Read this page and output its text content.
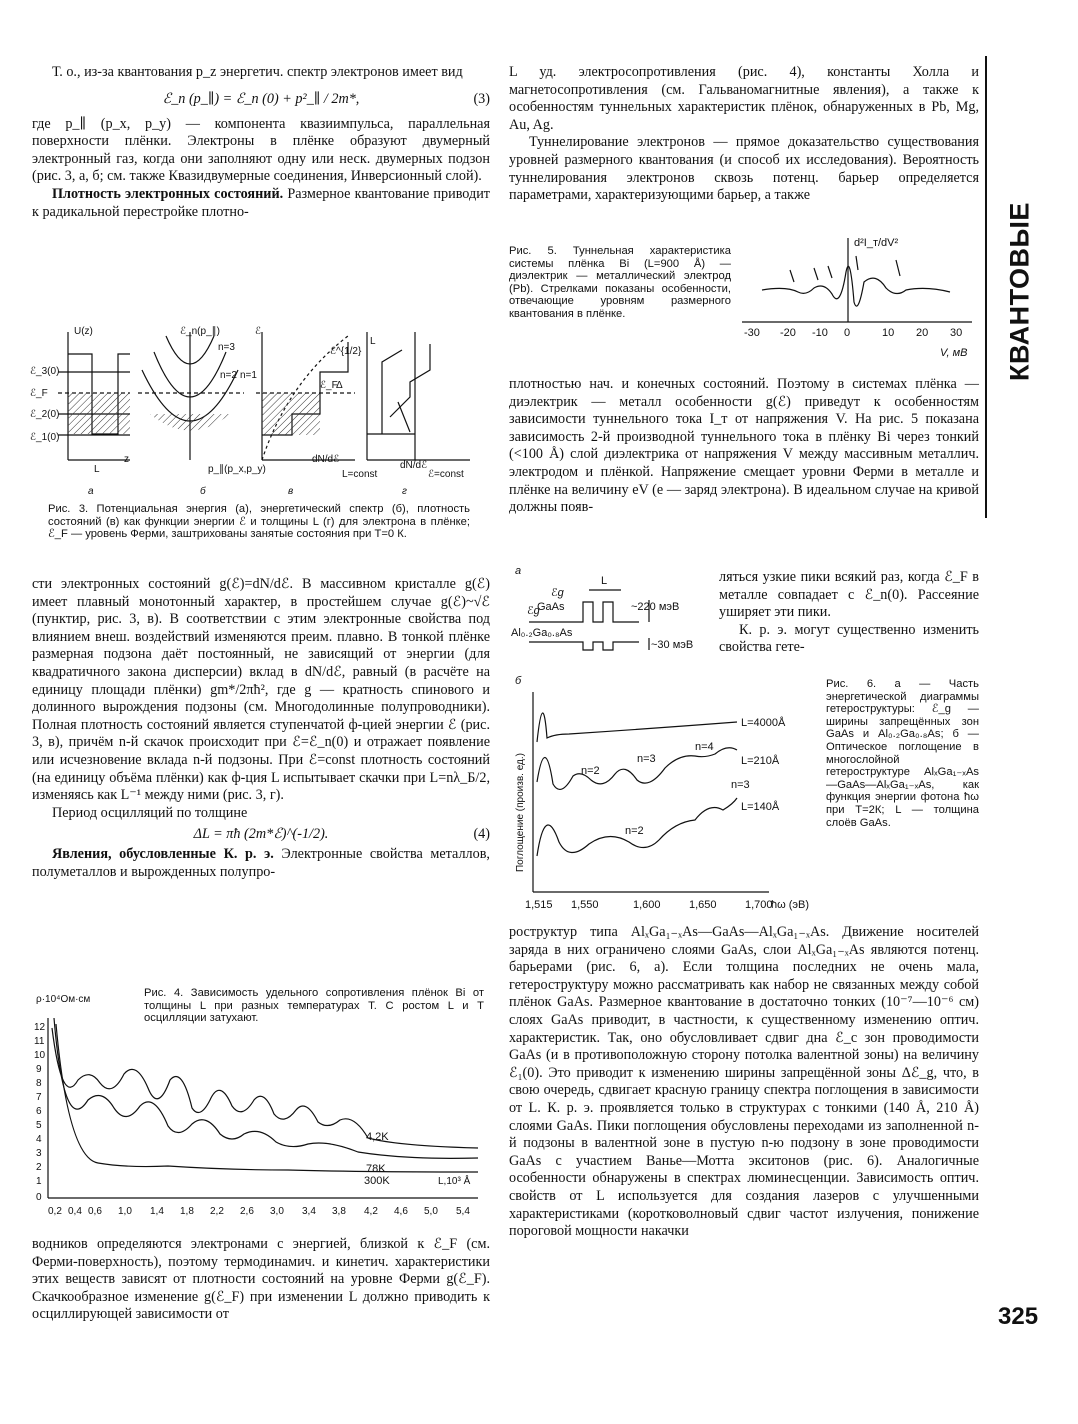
КВАНТОВЫЕ
325

Т. о., из-за квантования p_z энергетич. спектр электронов имеет вид

ℰ_n (p_∥) = ℰ_n (0) + p²_∥ / 2m*,	(3)

где p_∥ (p_x, p_y) — компонента квазиимпульса, параллельная поверхности плёнки. Электроны в плёнке образуют двумерный электронный газ, когда они заполняют одну или неск. двумерных подзон (рис. 3, а, б; см. также Квазидвумерные соединения, Инверсионный слой).

Плотность электронных состояний. Размерное квантование приводит к радикальной перестройке плотно-

U(z)	ℰ_n(p_∥)	ℰ
L
n=3
n=2 n=1
ℰ^{1/2}
ℰ_3(0)
ℰ_F
ℰ_2(0)
ℰ_1(0)
ℰ_F
Δ
L
z
p_∥(p_x,p_y)
dN/dℰ
L=const
dN/dℰ
ℰ=const
а	б	в	г
Рис. 3. Потенциальная энергия (а), энергетический спектр (б), плотность состояний (в) как функции энергии ℰ и толщины L (г) для электрона в плёнке; ℰ_F — уровень Ферми, заштрихованы занятые состояния при T=0 К.

сти электронных состояний g(ℰ)=dN/dℰ. В массивном кристалле g(ℰ) имеет плавный монотонный характер, в простейшем случае g(ℰ)~√ℰ (пунктир, рис. 3, в). В соответствии с этим электронные свойства под влиянием внеш. воздействий изменяются преим. плавно. В тонкой плёнке размерная подзона даёт постоянный, не зависящий от энергии (для квадратичного закона дисперсии) вклад в dN/dℰ, равный (в расчёте на единицу площади плёнки) gm*/2πħ², где g — кратность спинового и долинного вырождения подзоны (см. Многодолинные полупроводники). Полная плотность состояний является ступенчатой ф-цией энергии ℰ (рис. 3, в), причём n-й скачок происходит при ℰ=ℰ_n(0) и отражает появление или исчезновение вклада n-й подзоны. При ℰ=const плотность состояний (на единицу объёма плёнки) как ф-ция L испытывает скачки при L=nλ_Б/2, изменяясь как L⁻¹ между ними (рис. 3, г).

Период осцилляций по толщине

ΔL = πħ (2m*ℰ)^(-1/2).	(4)

Явления, обусловленные К. р. э. Электронные свойства металлов, полуметаллов и вырожденных полупро-

Рис. 4. Зависимость удельного сопротивления плёнок Bi от толщины L при разных температурах T. С ростом L и T осцилляции затухают.
ρ·10⁴Ом·см
12
11
10
9
8
7
6
5
4
3
2
1
0
0,2 0,4 0,6 1,0 1,4 1,8 2,2 2,6 3,0 3,4 3,8 4,2 4,6 5,0 5,4
L,10³ Å
4,2K
78K
300K

водников определяются электронами с энергией, близкой к ℰ_F (см. Ферми-поверхность), поэтому термодинамич. и кинетич. характеристики этих веществ зависят от плотности состояний на уровне Ферми g(ℰ_F). Скачкообразное изменение g(ℰ_F) при изменении L должно приводить к осциллирующей зависимости от

L уд. электросопротивления (рис. 4), константы Холла и магнетосопротивления (см. Гальваномагнитные явления), а также к особенностям туннельных характеристик плёнок, обнаруженных в Pb, Mg, Au, Ag.

Туннелирование электронов — прямое доказательство существования уровней размерного квантования (и способ их исследования). Вероятность туннелирования электронов сквозь потенц. барьер определяется параметрами, характеризующими барьер, а также

Рис. 5. Туннельная характеристика системы плёнка Bi (L=900 Å) — диэлектрик — металлический электрод (Pb). Стрелками показаны особенности, отвечающие уровням размерного квантования в плёнке.
d²I_т/dV²
-30 -20 -10 0	10 20 30
V, мВ

плотностью нач. и конечных состояний. Поэтому в системах плёнка — диэлектрик — металл особенности g(ℰ) приведут к особенностям зависимости туннельного тока I_т от напряжения V. На рис. 5 показана зависимость 2-й производной туннельного тока в плёнку Bi через тонкий (<100 Å) слой диэлектрика от напряжения V между массивным металлич. электродом и плёнкой. Напряжение смещает уровни Ферми в металле и плёнке на величину eV (e — заряд электрона). В идеальном случае на кривой должны появ-

ляться узкие пики всякий раз, когда ℰ_F в металле совпадает с ℰ_n(0). Рассеяние уширяет эти пики.

К. р. э. могут существенно изменить свойства гете-

а
L
ℰg
ℰg
GaAs
Al₀.₂Ga₀.₈As
~220 мэВ
~30 мэВ
б
Поглощение (произв. ед.)
1,515 1,550	1,600	1,650	1,700
ħω (эВ)
L=4000Å
L=210Å
L=140Å
n=2
n=3
n=4
n=2
n=3
Рис. 6. а — Часть энергетической диаграммы гетероструктуры: ℰ_g — ширины запрещённых зон GaAs и Al₀.₂Ga₀.₈As; б — Оптическое поглощение в многослойной гетероструктуре AlₓGa₁₋ₓAs—GaAs—AlₓGa₁₋ₓAs, как функция энергии фотона ħω при T=2К; L — толщина слоёв GaAs.

роструктур типа AlₓGa₁₋ₓAs—GaAs—AlₓGa₁₋ₓAs. Движение носителей заряда в них ограничено слоями GaAs, слои AlₓGa₁₋ₓAs являются потенц. барьерами (рис. 6, а). Если толщина последних не очень мала, гетероструктуру можно рассматривать как набор не связанных между собой плёнок GaAs. Размерное квантование в достаточно тонких (10⁻⁷—10⁻⁶ см) слоях GaAs приводит, в частности, к существенному изменению оптич. характеристик. Так, оно обусловливает сдвиг дна ℰ_c зон проводимости GaAs (и в противоположную сторону потолка валентной зоны) на величину ℰ₁(0). Это приводит к изменению ширины запрещённой зоны Δℰ_g, что, в свою очередь, сдвигает красную границу спектра поглощения в зависимости от L. К. р. э. проявляется только в структурах с тонкими (140 Å, 210 Å) слоями GaAs. Пики поглощения обусловлены переходами из заполненной n-й подзоны в валентной зоне в пустую n-ю подзону в зоне проводимости GaAs с участием Ванье—Мотта экситонов (рис. 6). Аналогичные особенности обнаружены в спектрах люминесценции. Зависимость оптич. свойств от L используется для создания лазеров с улучшенными характеристиками (коротковолновый сдвиг частот излучения, понижение пороговой мощности накачки
